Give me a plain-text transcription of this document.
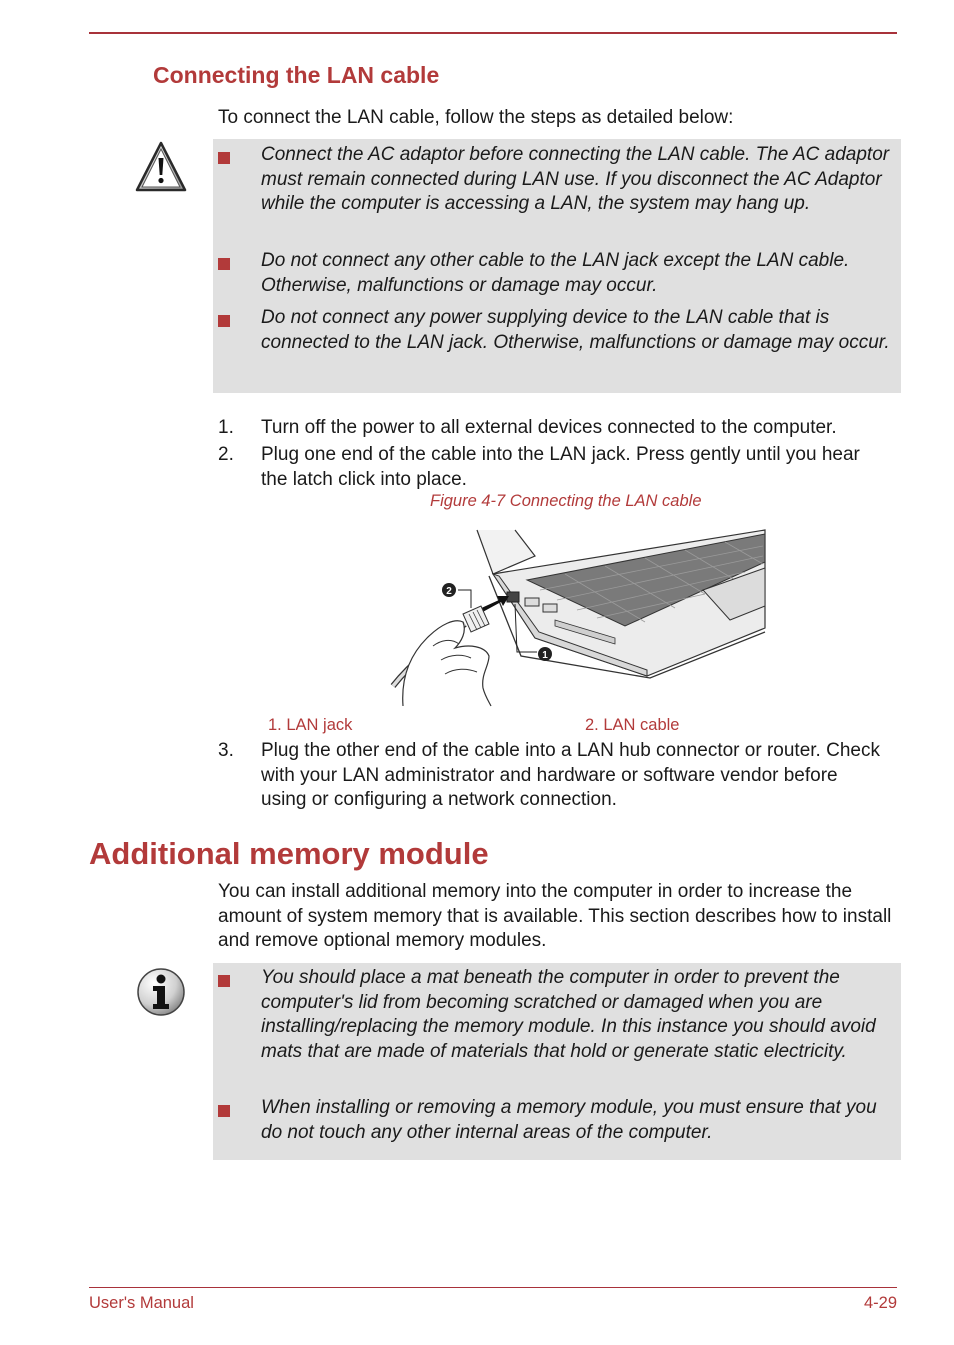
Connecting the LAN cable

To connect the LAN cable, follow the steps as detailed below:

Connect the AC adaptor before connecting the LAN cable. The AC adaptor must remain connected during LAN use. If you disconnect the AC Adaptor while the computer is accessing a LAN, the system may hang up.
Do not connect any other cable to the LAN jack except the LAN cable. Otherwise, malfunctions or damage may occur.
Do not connect any power supplying device to the LAN cable that is connected to the LAN jack. Otherwise, malfunctions or damage may occur.
1. Turn off the power to all external devices connected to the computer.
2. Plug one end of the cable into the LAN jack. Press gently until you hear the latch click into place.
Figure 4-7 Connecting the LAN cable
2
1
1. LAN jack	2. LAN cable
3. Plug the other end of the cable into a LAN hub connector or router. Check with your LAN administrator and hardware or software vendor before using or configuring a network connection.
Additional memory module

You can install additional memory into the computer in order to increase the amount of system memory that is available. This section describes how to install and remove optional memory modules.

You should place a mat beneath the computer in order to prevent the computer's lid from becoming scratched or damaged when you are installing/replacing the memory module. In this instance you should avoid mats that are made of materials that hold or generate static electricity.
When installing or removing a memory module, you must ensure that you do not touch any other internal areas of the computer.
User's Manual	4-29
